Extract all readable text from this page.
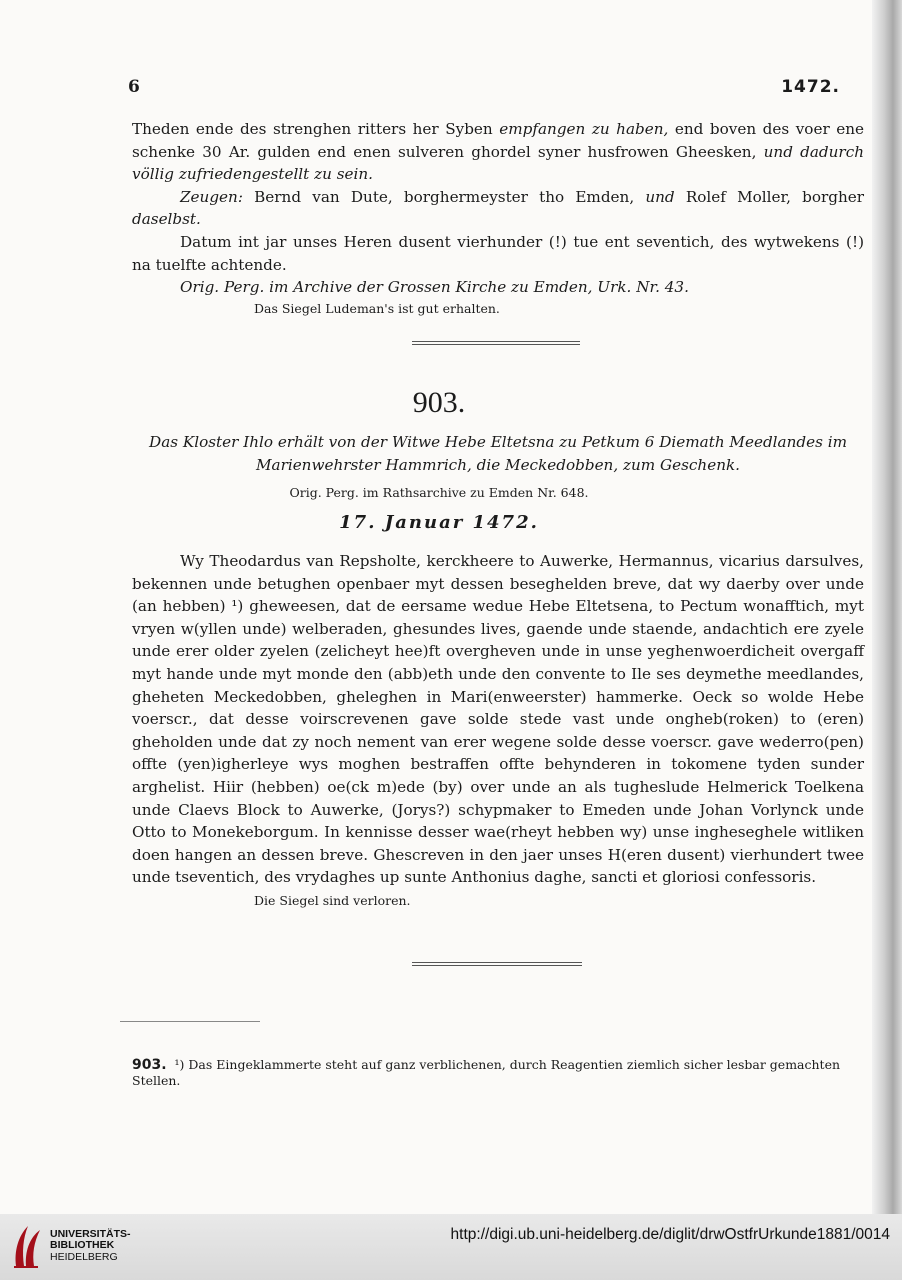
6	1472.

Theden ende des strenghen ritters her Syben empfangen zu haben, end boven des voer ene schenke 30 Ar. gulden end enen sulveren ghordel syner husfrowen Gheesken, und dadurch völlig zufriedengestellt zu sein.

Zeugen: Bernd van Dute, borghermeyster tho Emden, und Rolef Moller, borgher daselbst.

Datum int jar unses Heren dusent vierhunder (!) tue ent seventich, des wytwekens (!) na tuelfte achtende.

Orig. Perg. im Archive der Grossen Kirche zu Emden, Urk. Nr. 43.

Das Siegel Ludeman's ist gut erhalten.

903.
Das Kloster Ihlo erhält von der Witwe Hebe Eltetsna zu Petkum 6 Diemath Meedlandes im Marienwehrster Hammrich, die Meckedobben, zum Geschenk.
Orig. Perg. im Rathsarchive zu Emden Nr. 648.
17. Januar 1472.

Wy Theodardus van Repsholte, kerckheere to Auwerke, Hermannus, vicarius darsulves, bekennen unde betughen openbaer myt dessen beseghelden breve, dat wy daerby over unde (an hebben) ¹) gheweesen, dat de eersame wedue Hebe Eltetsena, to Pectum wonafftich, myt vryen w(yllen unde) welberaden, ghesundes lives, gaende unde staende, andachtich ere zyele unde erer older zyelen (zelicheyt hee)ft overgheven unde in unse yeghenwoerdicheit overgaff myt hande unde myt monde den (abb)eth unde den convente to Ile ses deymethe meedlandes, gheheten Meckedobben, gheleghen in Mari(enweerster) hammerke. Oeck so wolde Hebe voerscr., dat desse voirscrevenen gave solde stede vast unde ongheb(roken) to (eren) gheholden unde dat zy noch nement van erer wegene solde desse voerscr. gave wederro(pen) offte (yen)igherleye wys moghen bestraffen offte behynderen in tokomene tyden sunder arghelist. Hiir (hebben) oe(ck m)ede (by) over unde an als tugheslude Helmerick Toelkena unde Claevs Block to Auwerke, (Jorys?) schypmaker to Emeden unde Johan Vorlynck unde Otto to Monekeborgum. In kennisse desser wae(rheyt hebben wy) unse ingheseghele witliken doen hangen an dessen breve. Ghescreven in den jaer unses H(eren dusent) vierhundert twee unde tseventich, des vrydaghes up sunte Anthonius daghe, sancti et gloriosi confessoris.

Die Siegel sind verloren.

903. ¹) Das Eingeklammerte steht auf ganz verblichenen, durch Reagentien ziemlich sicher lesbar gemachten Stellen.
UNIVERSITÄTS-
BIBLIOTHEK
HEIDELBERG
http://digi.ub.uni-heidelberg.de/diglit/drwOstfrUrkunde1881/0014
